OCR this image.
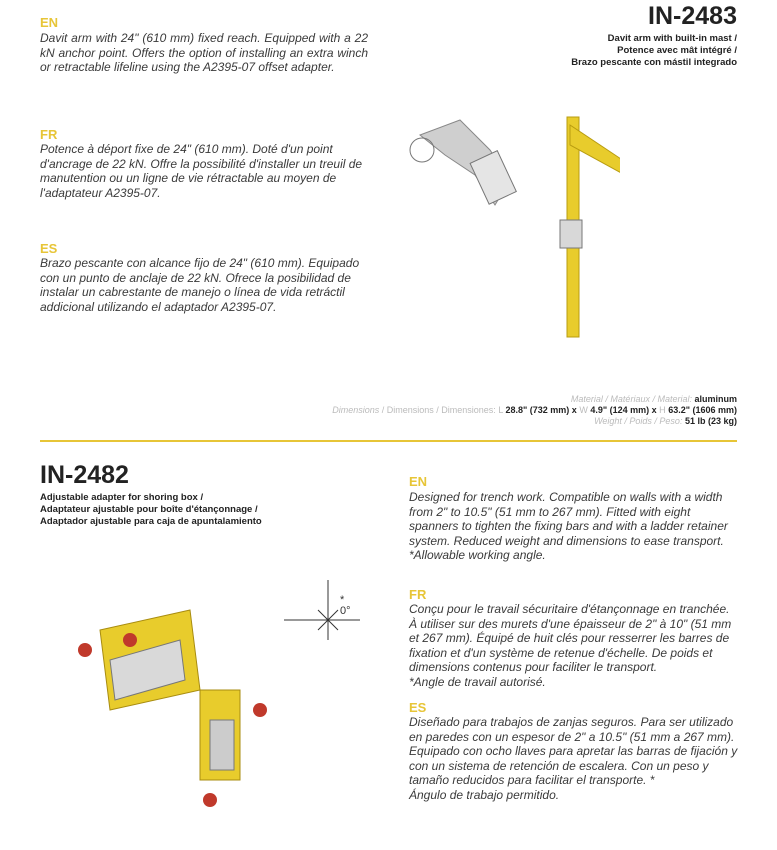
EN
Davit arm with 24" (610 mm) fixed reach. Equipped with a 22 kN anchor point. Offers the option of installing an extra winch or retractable lifeline using the A2395-07 offset adapter.
FR
Potence à déport fixe de 24" (610 mm). Doté d'un point d'ancrage de 22 kN. Offre la possibilité d'installer un treuil de manutention ou un ligne de vie rétractable au moyen de l'adaptateur A2395-07.
ES
Brazo pescante con alcance fijo de 24" (610 mm). Equipado con un punto de anclaje de 22 kN. Ofrece la posibilidad de instalar un cabrestante de manejo o línea de vida retráctil addicional utilizando el adaptador A2395-07.
IN-2483
Davit arm with built-in mast /
Potence avec mât intégré /
Brazo pescante con mástil integrado
Material / Matériaux / Material: aluminum
Dimensions / Dimensions / Dimensiones: L 28.8" (732 mm) x W 4.9" (124 mm) x H 63.2" (1606 mm)
Weight / Poids / Peso: 51 lb (23 kg)
IN-2482
Adjustable adapter for shoring box /
Adaptateur ajustable pour boîte d'étançonnage /
Adaptador ajustable para caja de apuntalamiento
*
0°
EN
Designed for trench work. Compatible on walls with a width from 2" to 10.5" (51 mm to 267 mm). Fitted with eight spanners to tighten the fixing bars and with a ladder retainer system. Reduced weight and dimensions to ease transport.
*Allowable working angle.
FR
Conçu pour le travail sécuritaire d'étançonnage en tranchée. À utiliser sur des murets d'une épaisseur de 2" à 10" (51 mm et 267 mm). Équipé de huit clés pour resserrer les barres de fixation et d'un système de retenue d'échelle. De poids et dimensions contenus pour faciliter le transport.
*Angle de travail autorisé.
ES
Diseñado para trabajos de zanjas seguros. Para ser utilizado en paredes con un espesor de 2" a 10.5" (51 mm a 267 mm). Equipado con ocho llaves para apretar las barras de fijación y con un sistema de retención de escalera. Con un peso y tamaño reducidos para facilitar el transporte. *
Ángulo de trabajo permitido.
